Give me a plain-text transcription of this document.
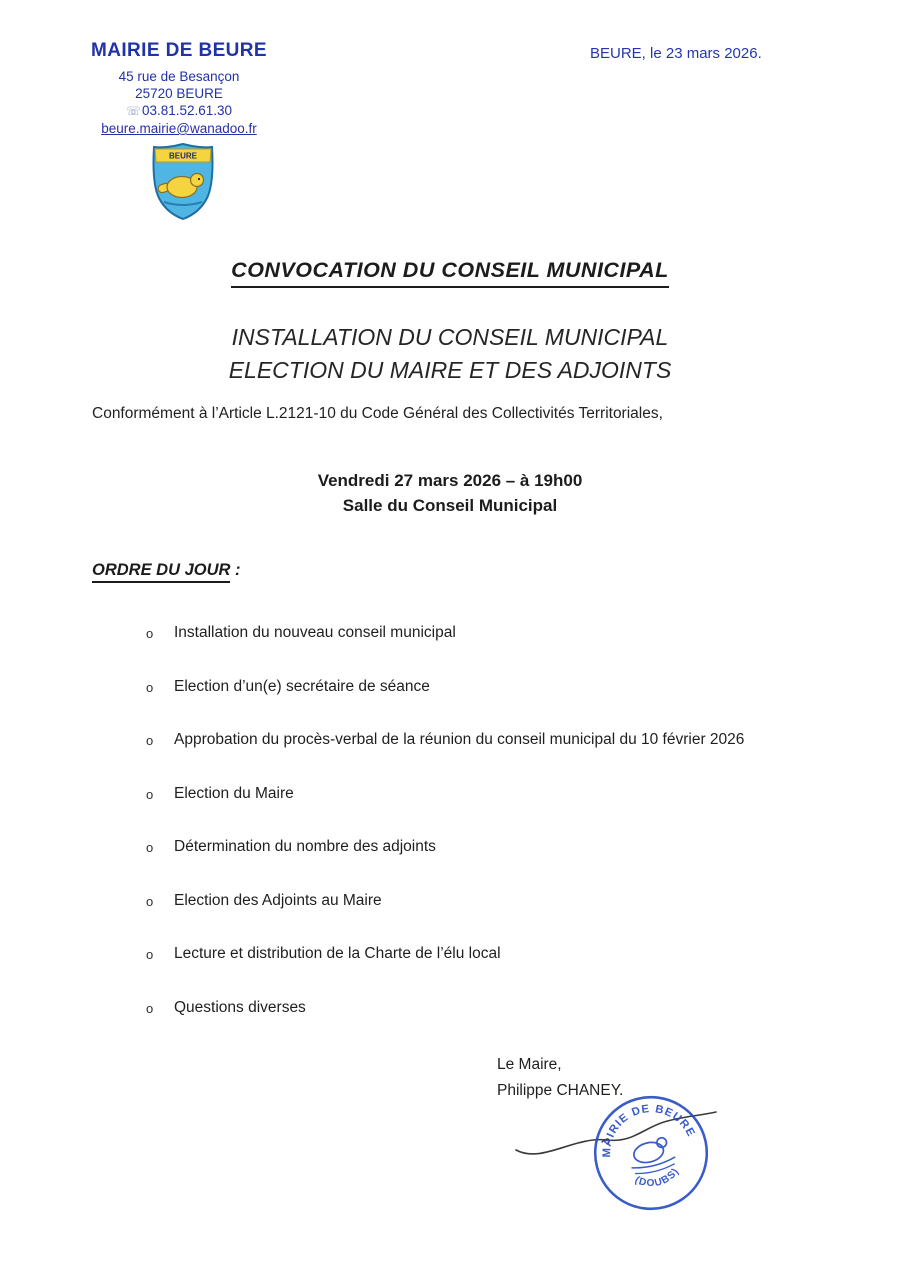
MAIRIE DE BEURE
45 rue de Besançon
25720 BEURE
☏03.81.52.61.30
beure.mairie@wanadoo.fr
BEURE, le 23 mars 2026.
BEURE
CONVOCATION DU CONSEIL MUNICIPAL
INSTALLATION DU CONSEIL MUNICIPAL
ELECTION DU MAIRE ET DES ADJOINTS
Conformément à l’Article L.2121-10 du Code Général des Collectivités Territoriales,
Vendredi 27 mars 2026 – à 19h00
Salle du Conseil Municipal
ORDRE DU JOUR :
o	Installation du nouveau conseil municipal
o	Election d’un(e) secrétaire de séance
o	Approbation du procès-verbal de la réunion du conseil municipal du 10 février 2026
o	Election du Maire
o	Détermination du nombre des adjoints
o	Election des Adjoints au Maire
o	Lecture et distribution de la Charte de l’élu local
o	Questions diverses
Le Maire,
Philippe CHANEY.
MAIRIE DE BEURE
(DOUBS)
